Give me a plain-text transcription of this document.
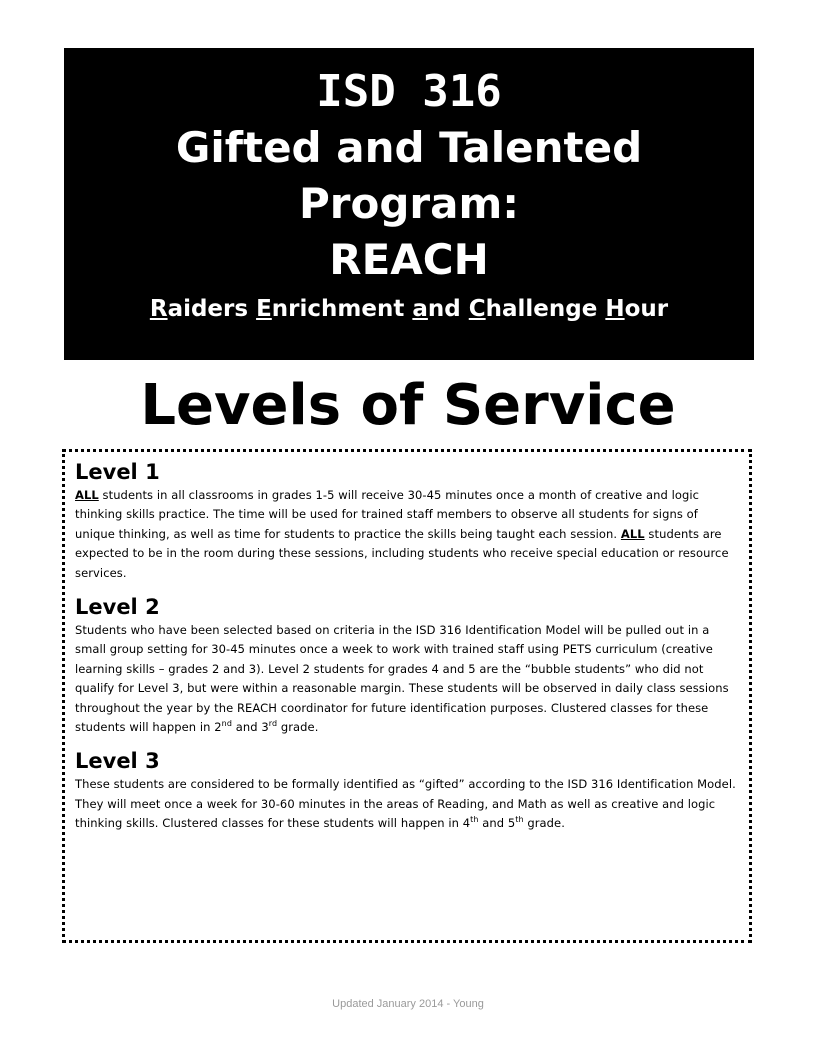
ISD 316
Gifted and Talented
Program:
REACH
Raiders Enrichment and Challenge Hour
Levels of Service
Level 1

ALL students in all classrooms in grades 1-5 will receive 30-45 minutes once a month of creative and logic thinking skills practice. The time will be used for trained staff members to observe all students for signs of unique thinking, as well as time for students to practice the skills being taught each session. ALL students are expected to be in the room during these sessions, including students who receive special education or resource services.

Level 2

Students who have been selected based on criteria in the ISD 316 Identification Model will be pulled out in a small group setting for 30-45 minutes once a week to work with trained staff using PETS curriculum (creative learning skills – grades 2 and 3). Level 2 students for grades 4 and 5 are the “bubble students” who did not qualify for Level 3, but were within a reasonable margin. These students will be observed in daily class sessions throughout the year by the REACH coordinator for future identification purposes. Clustered classes for these students will happen in 2nd and 3rd grade.

Level 3

These students are considered to be formally identified as “gifted” according to the ISD 316 Identification Model. They will meet once a week for 30-60 minutes in the areas of Reading, and Math as well as creative and logic thinking skills. Clustered classes for these students will happen in 4th and 5th grade.

Updated January 2014 - Young
